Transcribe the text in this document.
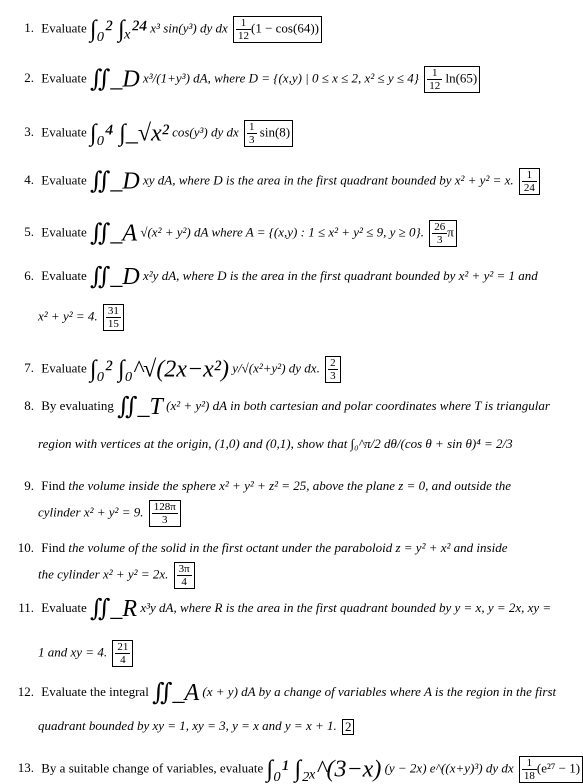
1. Evaluate ∫₀² ∫ₓ²⁴ x³ sin(y³) dy dx $\frac{1}{12} (1 - \cos(64))$
2. Evaluate ∬_D x³/(1+y³) dA, where D = {(x,y) | 0 ≤ x ≤ 2, $x^2 \le y \le 4\} \frac{1}{12} \ln(65)$
3. Evaluate ∫₀⁴ ∫_√x² cos(y³) dy dx $\frac{1}{3} \sin(8)$
4. Evaluate ∬_D xy dA, where D is the area in the first quadrant bounded by x² + y² = x. $\frac{1}{24}$
5. Evaluate ∬_A √(x² + y²) dA where A = {(x,y) : 1 ≤ x² + y² ≤ 9, y ≥ 0}. $\frac{26}{3}$ π
6. Evaluate ∬_D x²y dA, where D is the area in the first quadrant bounded by x² + y² = 1 and
x² + y² = 4. $\frac{31}{15}$
7. Evaluate ∫₀² ∫₀^√(2x−x²) y/√(x²+y²) dy dx. $\frac{2}{3}$
8. By evaluating ∬_T (x² + y²) dA in both cartesian and polar coordinates where T is triangular
region with vertices at the origin, (1,0) and (0,1), show that ∫₀^π/2 dθ/(cos θ + sin θ)⁴ = 2/3
9. Find the volume inside the sphere x² + y² + z² = 25, above the plane z = 0, and outside the
cylinder x² + y² = 9. $\frac{128\pi}{3}$
10. Find the volume of the solid in the first octant under the paraboloid z = y² + x² and inside
the cylinder x² + y² = 2x. $\frac{3\pi}{4}$
11. Evaluate ∬_R x³y dA, where R is the area in the first quadrant bounded by y = x, y = 2x, xy =
1 and xy = 4. $\frac{21}{4}$
12. Evaluate the integral ∬_A (x + y) dA by a change of variables where A is the region in the first
quadrant bounded by xy = 1, xy = 3, y = x and y = x + 1. 2
13. By a suitable change of variables, evaluate ∫₀¹ ∫₂ₓ^(3−x) (y − 2x) e^((x+y)³) dy dx $\frac{1}{18} (e^{27} - 1)$
